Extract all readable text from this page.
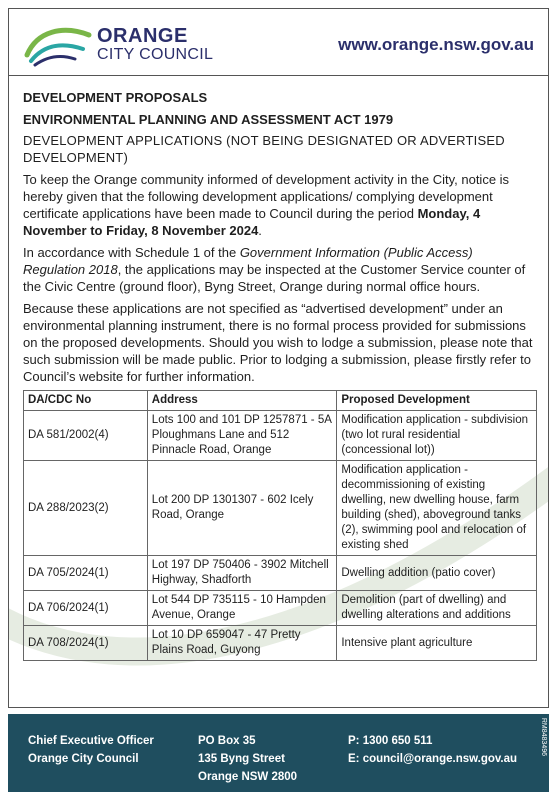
ORANGE
CITY COUNCIL
www.orange.nsw.gov.au
DEVELOPMENT PROPOSALS
ENVIRONMENTAL PLANNING AND ASSESSMENT ACT 1979
DEVELOPMENT APPLICATIONS (NOT BEING DESIGNATED OR ADVERTISED DEVELOPMENT)

To keep the Orange community informed of development activity in the City, notice is hereby given that the following development applications/ complying development certificate applications have been made to Council during the period Monday, 4 November to Friday, 8 November 2024.

In accordance with Schedule 1 of the Government Information (Public Access) Regulation 2018, the applications may be inspected at the Customer Service counter of the Civic Centre (ground floor), Byng Street, Orange during normal office hours.

Because these applications are not specified as “advertised development” under an environmental planning instrument, there is no formal process provided for submissions on the proposed developments. Should you wish to lodge a submission, please note that such submission will be made public. Prior to lodging a submission, please firstly refer to Council’s website for further information.

DA/CDC No	Address	Proposed Development
DA 581/2002(4)	Lots 100 and 101 DP 1257871 - 5A Ploughmans Lane and 512 Pinnacle Road, Orange	Modification application - subdivision (two lot rural residential (concessional lot))
DA 288/2023(2)	Lot 200 DP 1301307 - 602 Icely Road, Orange	Modification application - decommissioning of existing dwelling, new dwelling house, farm building (shed), aboveground tanks (2), swimming pool and relocation of existing shed
DA 705/2024(1)	Lot 197 DP 750406 - 3902 Mitchell Highway, Shadforth	Dwelling addition (patio cover)
DA 706/2024(1)	Lot 544 DP 735115 - 10 Hampden Avenue, Orange	Demolition (part of dwelling) and dwelling alterations and additions
DA 708/2024(1)	Lot 10 DP 659047 - 47 Pretty Plains Road, Guyong	Intensive plant agriculture
Chief Executive Officer
Orange City Council
PO Box 35
135 Byng Street
Orange NSW 2800
P: 1300 650 511
E: council@orange.nsw.gov.au
RM8483496
